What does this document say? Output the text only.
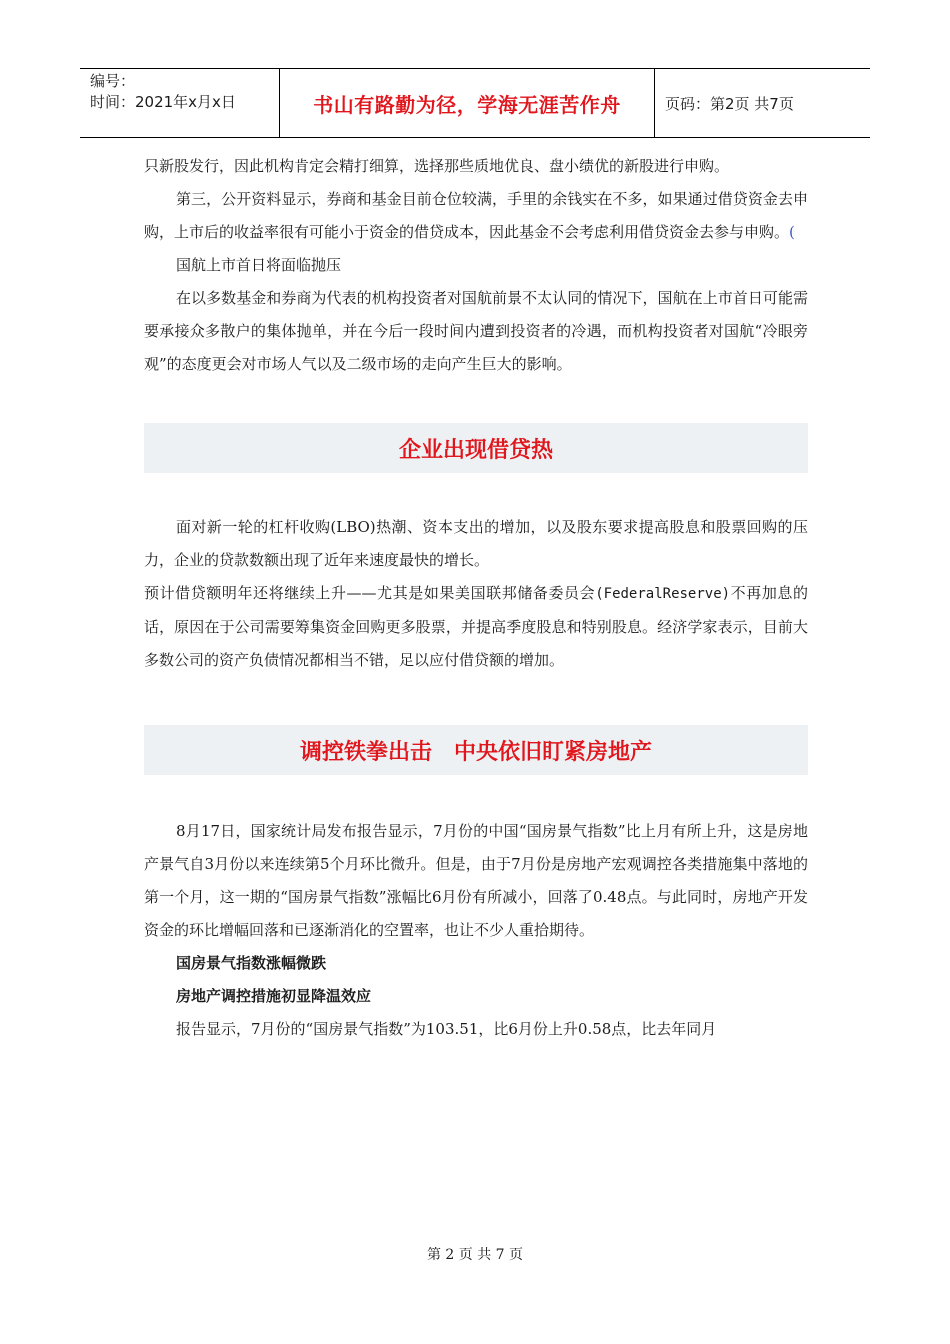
编号：
时间：2021年x月x日	书山有路勤为径，学海无涯苦作舟	页码：第2页 共7页

只新股发行，因此机构肯定会精打细算，选择那些质地优良、盘小绩优的新股进行申购。

第三，公开资料显示，券商和基金目前仓位较满，手里的余钱实在不多，如果通过借贷资金去申购，上市后的收益率很有可能小于资金的借贷成本，因此基金不会考虑利用借贷资金去参与申购。(

国航上市首日将面临抛压

在以多数基金和券商为代表的机构投资者对国航前景不太认同的情况下，国航在上市首日可能需要承接众多散户的集体抛单，并在今后一段时间内遭到投资者的冷遇，而机构投资者对国航“冷眼旁观”的态度更会对市场人气以及二级市场的走向产生巨大的影响。

企业出现借贷热

面对新一轮的杠杆收购(LBO)热潮、资本支出的增加，以及股东要求提高股息和股票回购的压力，企业的贷款数额出现了近年来速度最快的增长。

预计借贷额明年还将继续上升——尤其是如果美国联邦储备委员会(FederalReserve)不再加息的话，原因在于公司需要筹集资金回购更多股票，并提高季度股息和特别股息。经济学家表示，目前大多数公司的资产负债情况都相当不错，足以应付借贷额的增加。

调控铁拳出击　中央依旧盯紧房地产

8月17日，国家统计局发布报告显示，7月份的中国“国房景气指数”比上月有所上升，这是房地产景气自3月份以来连续第5个月环比微升。但是，由于7月份是房地产宏观调控各类措施集中落地的第一个月，这一期的“国房景气指数”涨幅比6月份有所减小，回落了0.48点。与此同时，房地产开发资金的环比增幅回落和已逐渐消化的空置率，也让不少人重拾期待。

国房景气指数涨幅微跌
房地产调控措施初显降温效应

报告显示，7月份的“国房景气指数”为103.51，比6月份上升0.58点，比去年同月

第 2 页 共 7 页
